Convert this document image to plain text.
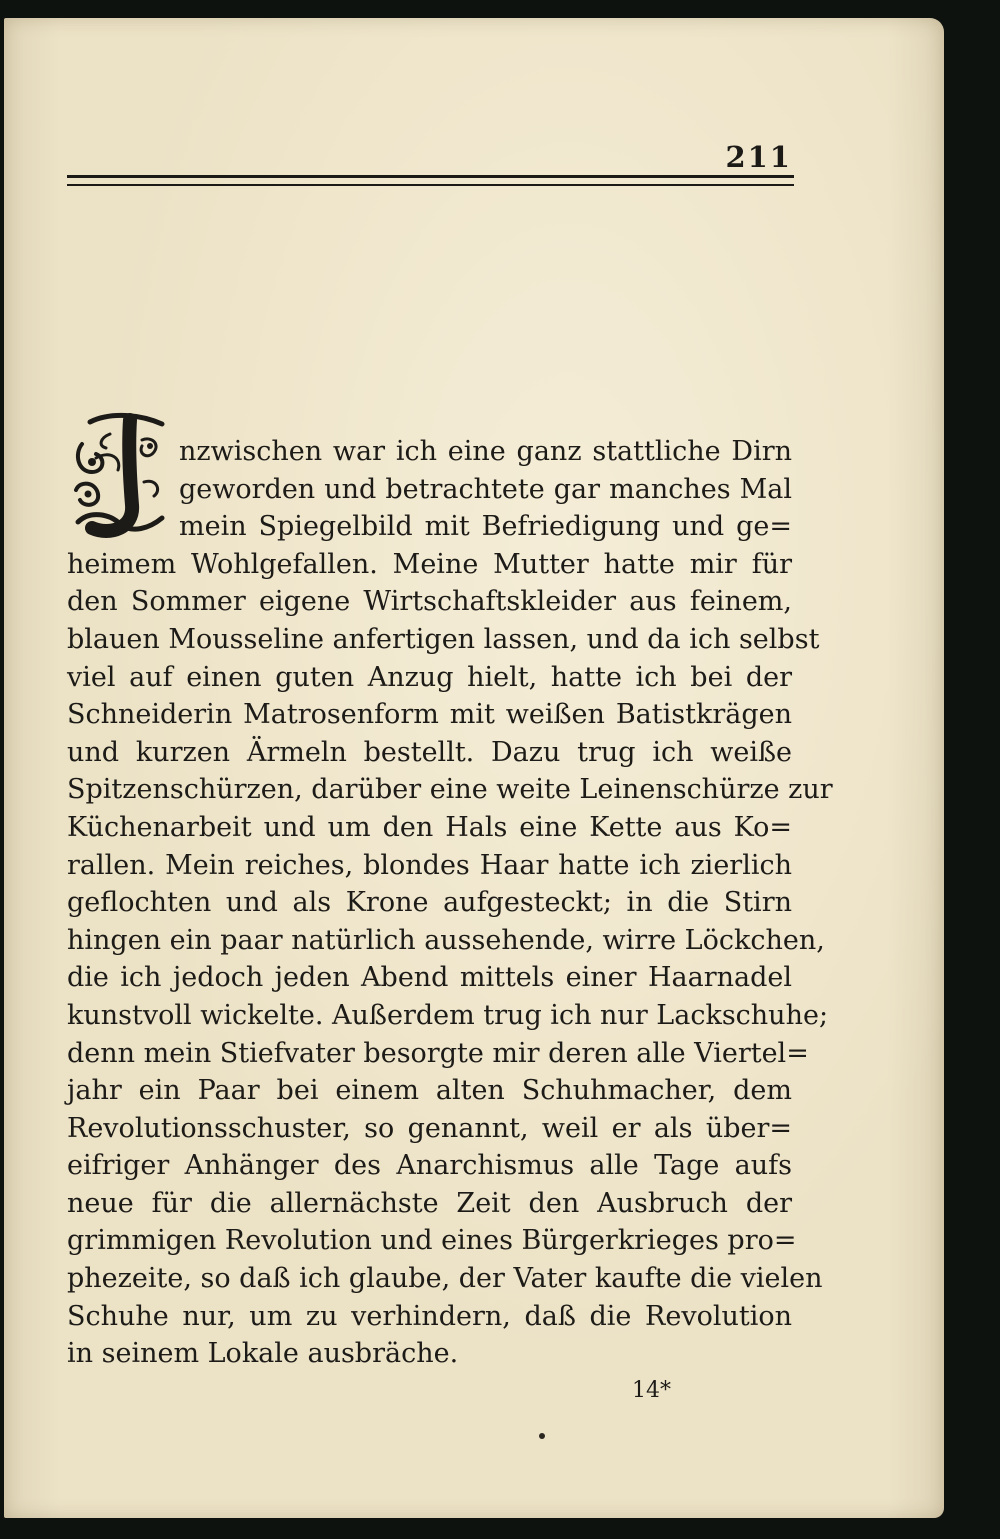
211
nzwischen war ich eine ganz stattliche Dirn
geworden und betrachtete gar manches Mal
mein Spiegelbild mit Befriedigung und ge=
heimem Wohlgefallen. Meine Mutter hatte mir für
den Sommer eigene Wirtschaftskleider aus feinem,
blauen Mousseline anfertigen lassen, und da ich selbst
viel auf einen guten Anzug hielt, hatte ich bei der
Schneiderin Matrosenform mit weißen Batistkrägen
und kurzen Ärmeln bestellt. Dazu trug ich weiße
Spitzenschürzen, darüber eine weite Leinenschürze zur
Küchenarbeit und um den Hals eine Kette aus Ko=
rallen. Mein reiches, blondes Haar hatte ich zierlich
geflochten und als Krone aufgesteckt; in die Stirn
hingen ein paar natürlich aussehende, wirre Löckchen,
die ich jedoch jeden Abend mittels einer Haarnadel
kunstvoll wickelte. Außerdem trug ich nur Lackschuhe;
denn mein Stiefvater besorgte mir deren alle Viertel=
jahr ein Paar bei einem alten Schuhmacher, dem
Revolutionsschuster, so genannt, weil er als über=
eifriger Anhänger des Anarchismus alle Tage aufs
neue für die allernächste Zeit den Ausbruch der
grimmigen Revolution und eines Bürgerkrieges pro=
phezeite, so daß ich glaube, der Vater kaufte die vielen
Schuhe nur, um zu verhindern, daß die Revolution
in seinem Lokale ausbräche.
14*
